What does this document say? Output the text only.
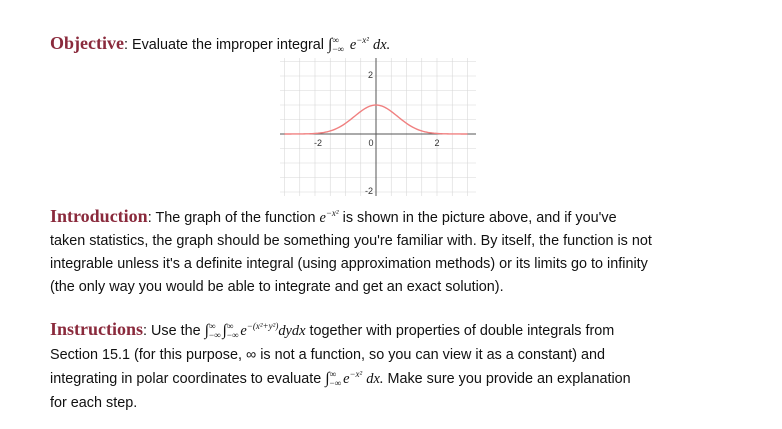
Objective: Evaluate the improper integral ∫ ∞
−∞ $e^{-x^2}$ dx.
-2	0	2
2
-2
Introduction: The graph of the function $e^{-x^2}$ is shown in the picture above, and if you've
taken statistics, the graph should be something you're familiar with. By itself, the function is not
integrable unless it's a definite integral (using approximation methods) or its limits go to infinity
(the only way you would be able to integrate and get an exact solution).
Instructions: Use the ∫ ∞
−∞ ∫ ∞
−∞ $e^{-(x^2+y^2)}dydx$ together with properties of double integrals from
Section 15.1 (for this purpose, ∞ is not a function, so you can view it as a constant) and
integrating in polar coordinates to evaluate ∫ ∞
−∞ $e^{-x^2}$ dx. Make sure you provide an explanation
for each step.
